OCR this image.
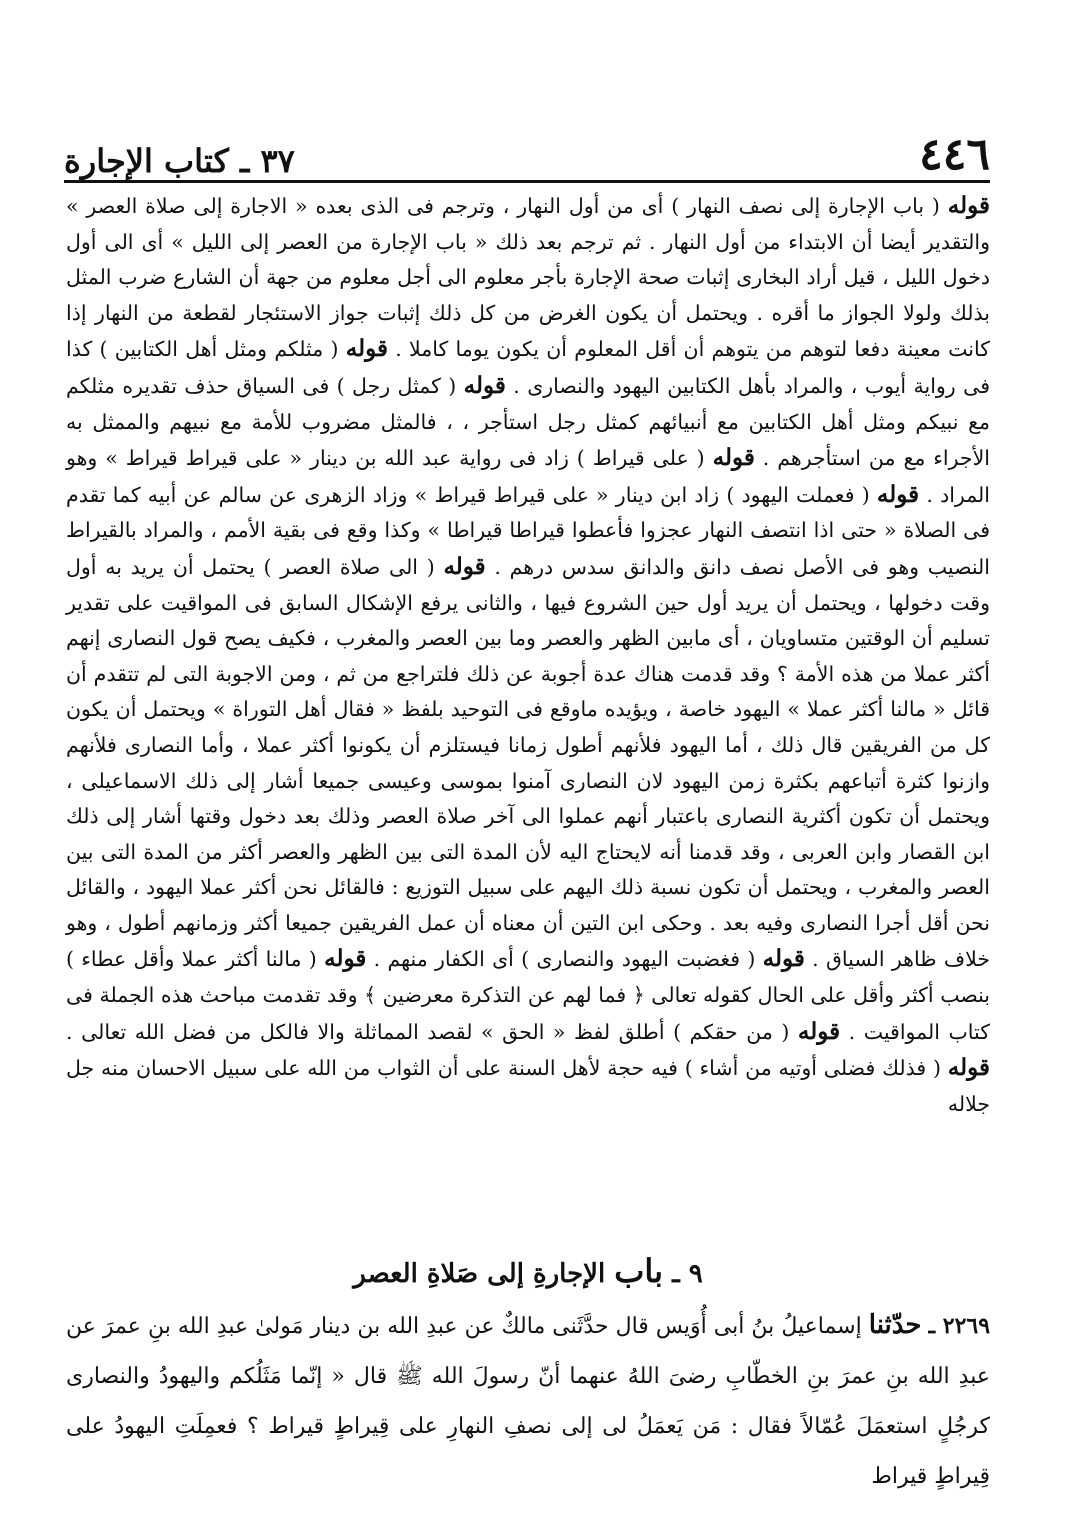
٤٤٦
٣٧ ـ كتاب الإجارة

قوله ( باب الإجارة إلى نصف النهار ) أى من أول النهار ، وترجم فى الذى بعده « الاجارة إلى صلاة العصر » والتقدير أيضا أن الابتداء من أول النهار . ثم ترجم بعد ذلك « باب الإجارة من العصر إلى الليل » أى الى أول دخول الليل ، قيل أراد البخارى إثبات صحة الإجارة بأجر معلوم الى أجل معلوم من جهة أن الشارع ضرب المثل بذلك ولولا الجواز ما أقره . ويحتمل أن يكون الغرض من كل ذلك إثبات جواز الاستئجار لقطعة من النهار إذا كانت معينة دفعا لتوهم من يتوهم أن أقل المعلوم أن يكون يوما كاملا . قوله ( مثلكم ومثل أهل الكتابين ) كذا فى رواية أيوب ، والمراد بأهل الكتابين اليهود والنصارى . قوله ( كمثل رجل ) فى السياق حذف تقديره مثلكم مع نبيكم ومثل أهل الكتابين مع أنبيائهم كمثل رجل استأجر ، ، فالمثل مضروب للأمة مع نبيهم والممثل به الأجراء مع من استأجرهم . قوله ( على قيراط ) زاد فى رواية عبد الله بن دينار « على قيراط قيراط » وهو المراد . قوله ( فعملت اليهود ) زاد ابن دينار « على قيراط قيراط » وزاد الزهرى عن سالم عن أبيه كما تقدم فى الصلاة « حتى اذا انتصف النهار عجزوا فأعطوا قيراطا قيراطا » وكذا وقع فى بقية الأمم ، والمراد بالقيراط النصيب وهو فى الأصل نصف دانق والدانق سدس درهم . قوله ( الى صلاة العصر ) يحتمل أن يريد به أول وقت دخولها ، ويحتمل أن يريد أول حين الشروع فيها ، والثانى يرفع الإشكال السابق فى المواقيت على تقدير تسليم أن الوقتين متساويان ، أى مابين الظهر والعصر وما بين العصر والمغرب ، فكيف يصح قول النصارى إنهم أكثر عملا من هذه الأمة ؟ وقد قدمت هناك عدة أجوبة عن ذلك فلتراجع من ثم ، ومن الاجوبة التى لم تتقدم أن قائل « مالنا أكثر عملا » اليهود خاصة ، ويؤيده ماوقع فى التوحيد بلفظ « فقال أهل التوراة » ويحتمل أن يكون كل من الفريقين قال ذلك ، أما اليهود فلأنهم أطول زمانا فيستلزم أن يكونوا أكثر عملا ، وأما النصارى فلأنهم وازنوا كثرة أتباعهم بكثرة زمن اليهود لان النصارى آمنوا بموسى وعيسى جميعا أشار إلى ذلك الاسماعيلى ، ويحتمل أن تكون أكثرية النصارى باعتبار أنهم عملوا الى آخر صلاة العصر وذلك بعد دخول وقتها أشار إلى ذلك ابن القصار وابن العربى ، وقد قدمنا أنه لايحتاج اليه لأن المدة التى بين الظهر والعصر أكثر من المدة التى بين العصر والمغرب ، ويحتمل أن تكون نسبة ذلك اليهم على سبيل التوزيع : فالقائل نحن أكثر عملا اليهود ، والقائل نحن أقل أجرا النصارى وفيه بعد . وحكى ابن التين أن معناه أن عمل الفريقين جميعا أكثر وزمانهم أطول ، وهو خلاف ظاهر السياق . قوله ( فغضبت اليهود والنصارى ) أى الكفار منهم . قوله ( مالنا أكثر عملا وأقل عطاء ) بنصب أكثر وأقل على الحال كقوله تعالى ﴿ فما لهم عن التذكرة معرضين ﴾ وقد تقدمت مباحث هذه الجملة فى كتاب المواقيت . قوله ( من حقكم ) أطلق لفظ « الحق » لقصد المماثلة والا فالكل من فضل الله تعالى . قوله ( فذلك فضلى أوتيه من أشاء ) فيه حجة لأهل السنة على أن الثواب من الله على سبيل الاحسان منه جل جلاله

٩ ـ باب الإجارةِ إلى صَلاةِ العصر

٢٢٦٩ ـ حدّثنا إسماعيلُ بنُ أبى أُوَيس قال حدَّثَنى مالكٌ عن عبدِ الله بن دينار مَولىٰ عبدِ الله بنِ عمرَ عن عبدِ الله بنِ عمرَ بنِ الخطّابِ رضىَ اللهُ عنهما أنّ رسولَ الله ﷺ قال « إنّما مَثَلُكم واليهودُ والنصارى كرجُلٍ استعمَلَ عُمّالاً فقال : مَن يَعمَلُ لى إلى نصفِ النهارِ على قِيراطٍ قيراط ؟ فعمِلَتِ اليهودُ على قِيراطٍ قيراط
